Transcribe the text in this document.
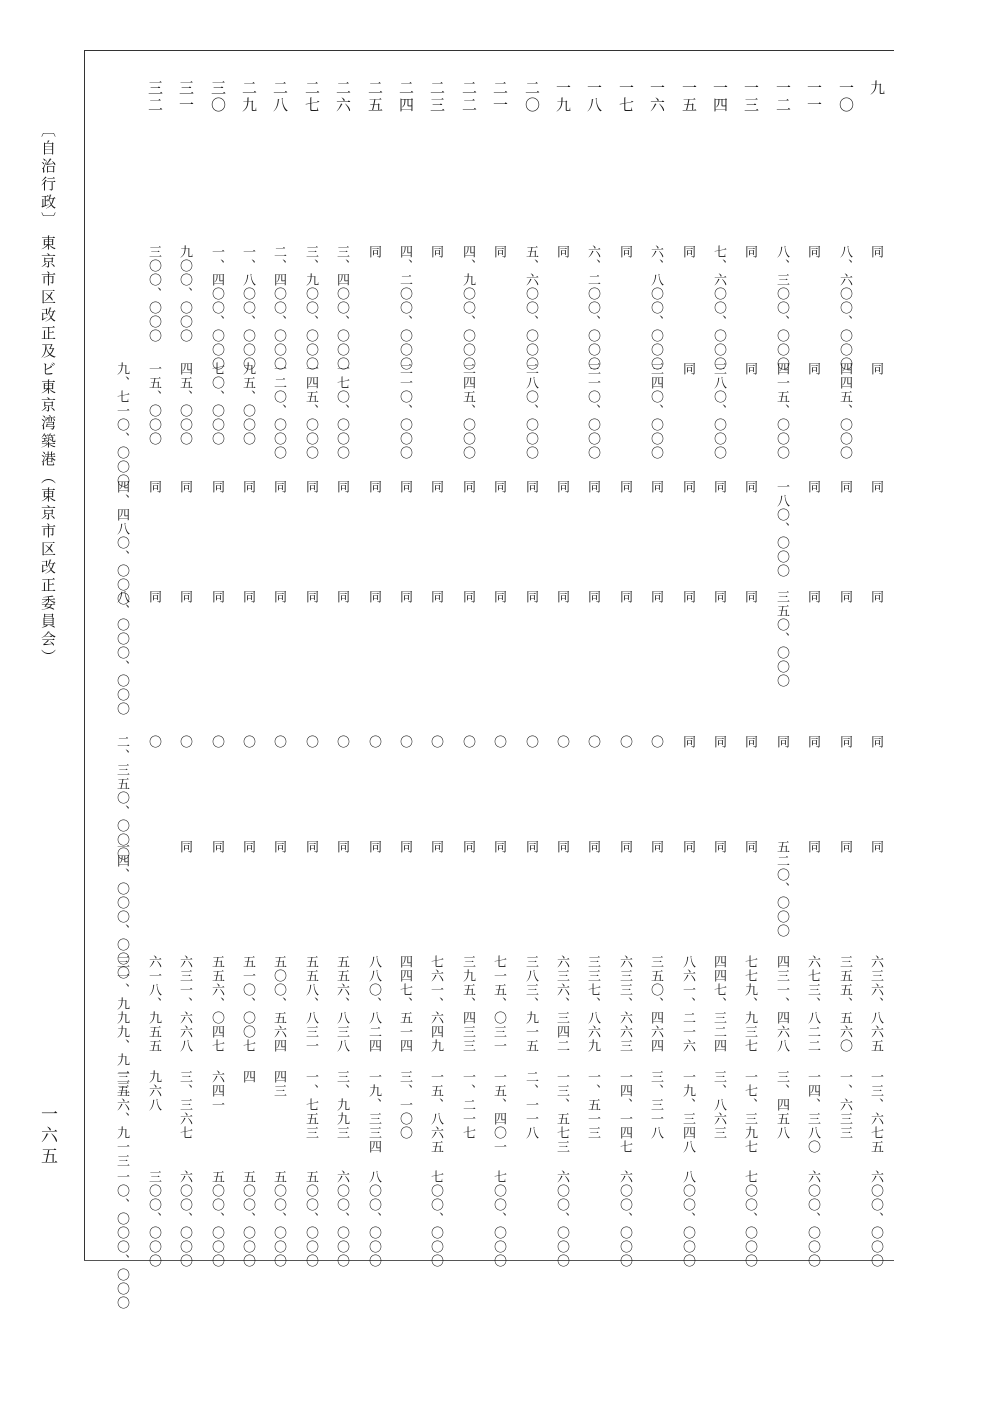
九
同
同
同
同
同
同
六三六、八六五
一三、六七五
六〇〇、〇〇〇
一〇
八、六〇〇、〇〇〇
四四五、〇〇〇
同
同
同
同
三五五、五六〇
一、六三三
一一
同
同
同
同
同
同
六七三、八二二
一四、三八〇
六〇〇、〇〇〇
一二
八、三〇〇、〇〇〇
四一五、〇〇〇
一八〇、〇〇〇
三五〇、〇〇〇
同
五二〇、〇〇〇
四三一、四六八
三、四五八
一三
同
同
同
同
同
同
七七九、九三七
一七、三九七
七〇〇、〇〇〇
一四
七、六〇〇、〇〇〇
三八〇、〇〇〇
同
同
同
同
四四七、三二四
三、八六三
一五
同
同
同
同
同
同
八六一、二一六
一九、三四八
八〇〇、〇〇〇
一六
六、八〇〇、〇〇〇
三四〇、〇〇〇
同
同
〇
同
三五〇、四六四
三、三一八
一七
同
同
同
〇
同
六三三、六六三
一四、一四七
六〇〇、〇〇〇
一八
六、二〇〇、〇〇〇
三一〇、〇〇〇
同
同
〇
同
三三七、八六九
一、五一三
一九
同
同
同
〇
同
六三六、三四二
一三、五七三
六〇〇、〇〇〇
二〇
五、六〇〇、〇〇〇
二八〇、〇〇〇
同
同
〇
同
三八三、九一五
二、一一八
二一
同
同
同
〇
同
七一五、〇三一
一五、四〇一
七〇〇、〇〇〇
二二
四、九〇〇、〇〇〇
二四五、〇〇〇
同
同
〇
同
三九五、四三三
一、二一七
二三
同
同
同
〇
同
七六一、六四九
一五、八六五
七〇〇、〇〇〇
二四
四、二〇〇、〇〇〇
二一〇、〇〇〇
同
同
〇
同
四四七、五一四
三、一〇〇
二五
同
同
同
〇
同
八八〇、八二四
一九、三三四
八〇〇、〇〇〇
二六
三、四〇〇、〇〇〇
一七〇、〇〇〇
同
同
〇
同
五五六、八三八
三、九九三
六〇〇、〇〇〇
二七
三、九〇〇、〇〇〇
一四五、〇〇〇
同
同
〇
同
五五八、八三一
一、七五三
五〇〇、〇〇〇
二八
二、四〇〇、〇〇〇
一二〇、〇〇〇
同
同
〇
同
五〇〇、五六四
四三
五〇〇、〇〇〇
二九
一、八〇〇、〇〇〇
九五、〇〇〇
同
同
〇
同
五一〇、〇〇七
四
五〇〇、〇〇〇
三〇
一、四〇〇、〇〇〇
七〇、〇〇〇
同
同
〇
同
五五六、〇四七
六四一
五〇〇、〇〇〇
三一
九〇〇、〇〇〇
四五、〇〇〇
同
同
〇
同
六三一、六六八
三、三六七
六〇〇、〇〇〇
三二
三〇〇、〇〇〇
一五、〇〇〇
同
同
〇
六一八、九五五
九六八
三〇〇、〇〇〇
九、七一〇、〇〇〇
四、四八〇、〇〇〇
八、〇〇〇、〇〇〇
二、三五〇、〇〇〇
一四、〇〇〇、〇〇〇
三一、九九九、九一三
三五六、九一三
一〇、〇〇〇、〇〇〇
〔自治行政〕
東京市区改正及ビ東京湾築港（東京市区改正委員会）
一六五
